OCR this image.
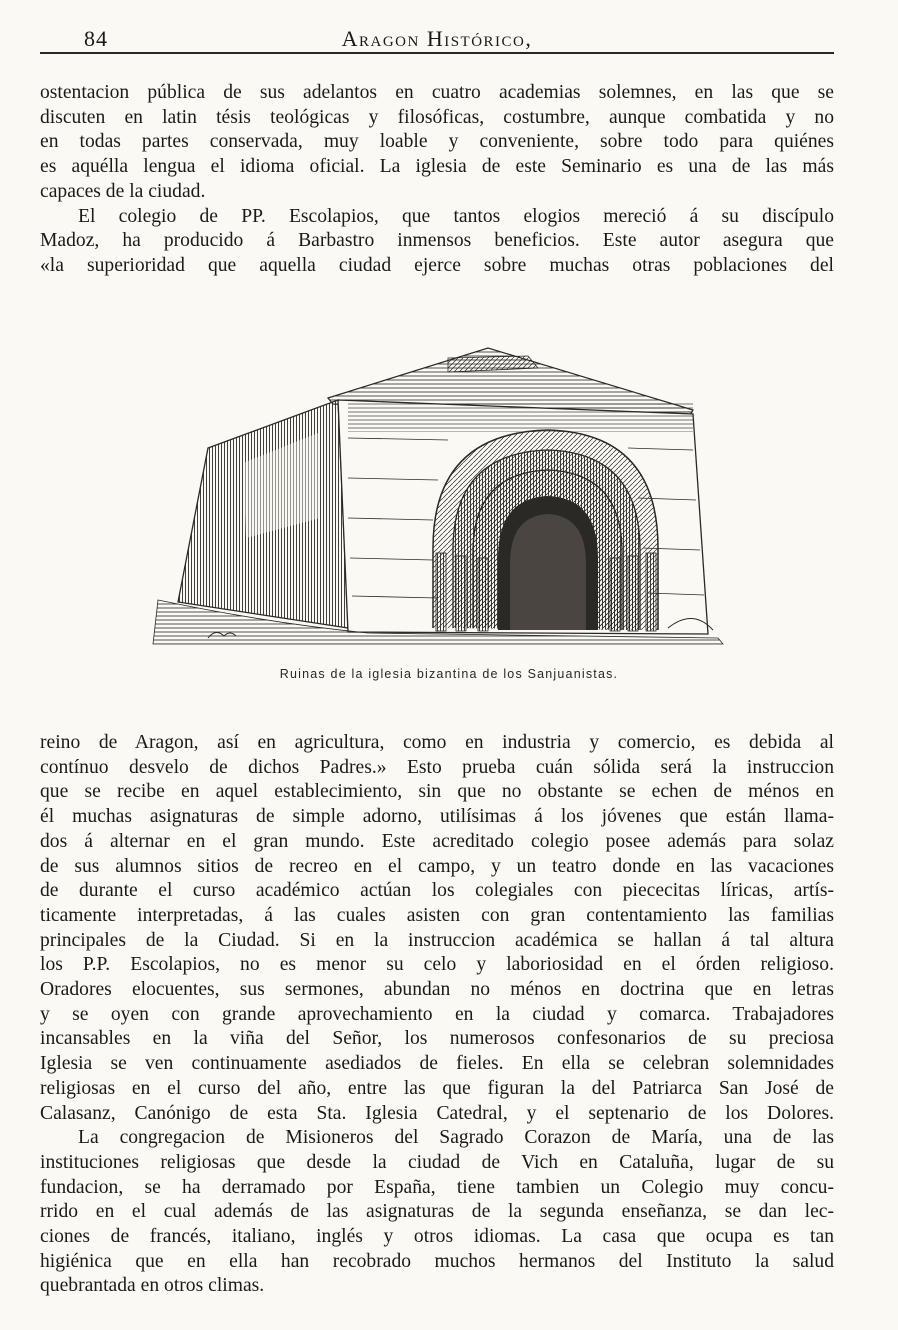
84	Aragon Histórico,
ostentacion pública de sus adelantos en cuatro academias solemnes, en las que se
discuten en latin tésis teológicas y filosóficas, costumbre, aunque combatida y no
en todas partes conservada, muy loable y conveniente, sobre todo para quiénes
es aquélla lengua el idioma oficial. La iglesia de este Seminario es una de las más
capaces de la ciudad.
El colegio de PP. Escolapios, que tantos elogios mereció á su discípulo
Madoz, ha producido á Barbastro inmensos beneficios. Este autor asegura que
«la superioridad que aquella ciudad ejerce sobre muchas otras poblaciones del
Ruinas de la iglesia bizantina de los Sanjuanistas.
reino de Aragon, así en agricultura, como en industria y comercio, es debida al
contínuo desvelo de dichos Padres.» Esto prueba cuán sólida será la instruccion
que se recibe en aquel establecimiento, sin que no obstante se echen de ménos en
él muchas asignaturas de simple adorno, utilísimas á los jóvenes que están llama-
dos á alternar en el gran mundo. Este acreditado colegio posee además para solaz
de sus alumnos sitios de recreo en el campo, y un teatro donde en las vacaciones
de durante el curso académico actúan los colegiales con piececitas líricas, artís-
ticamente interpretadas, á las cuales asisten con gran contentamiento las familias
principales de la Ciudad. Si en la instruccion académica se hallan á tal altura
los P.P. Escolapios, no es menor su celo y laboriosidad en el órden religioso.
Oradores elocuentes, sus sermones, abundan no ménos en doctrina que en letras
y se oyen con grande aprovechamiento en la ciudad y comarca. Trabajadores
incansables en la viña del Señor, los numerosos confesonarios de su preciosa
Iglesia se ven continuamente asediados de fieles. En ella se celebran solemnidades
religiosas en el curso del año, entre las que figuran la del Patriarca San José de
Calasanz, Canónigo de esta Sta. Iglesia Catedral, y el septenario de los Dolores.
La congregacion de Misioneros del Sagrado Corazon de María, una de las
instituciones religiosas que desde la ciudad de Vich en Cataluña, lugar de su
fundacion, se ha derramado por España, tiene tambien un Colegio muy concu-
rrido en el cual además de las asignaturas de la segunda enseñanza, se dan lec-
ciones de francés, italiano, inglés y otros idiomas. La casa que ocupa es tan
higiénica que en ella han recobrado muchos hermanos del Instituto la salud
quebrantada en otros climas.
